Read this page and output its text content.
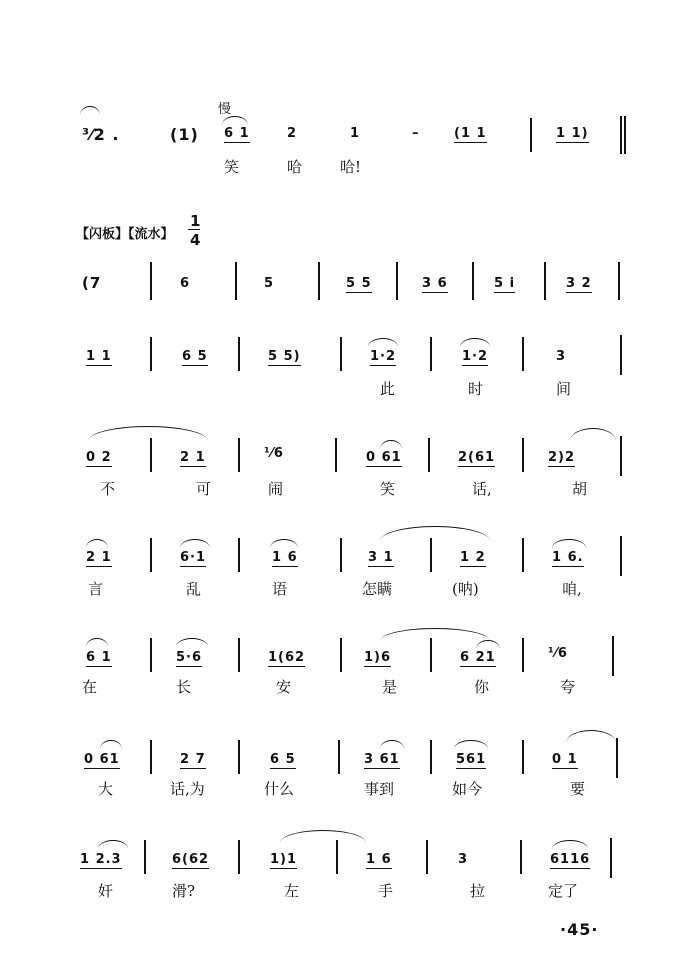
慢
³⁄2 .	(1) 6 1	2	1	–	(1 1	1 1)
笑	哈	哈!
【闪板】【流水】
1
4
(7	6	5	5 5	3 6	5 i	3 2
1 1	6 5	5 5)	1·2	1·2	3
此	时	间
0 2	2 1	¹⁄6	0 61	2(61	2)2
不	可	闹	笑	话,	胡
2 1	6·1	1 6	3 1	1 2	1 6.
言	乱	语	怎瞒	(呐)	咱,
6 1	5·6	1(62	1)6	6 21	¹⁄6
在	长	安	是	你	夸
0 61	2 7	6 5	3 61	561	0 1
大	话,为	什么	事到	如今	要
1 2.3	6(62	1)1	1 6	3	6116
奸	滑?	左	手	拉	定了
·45·
